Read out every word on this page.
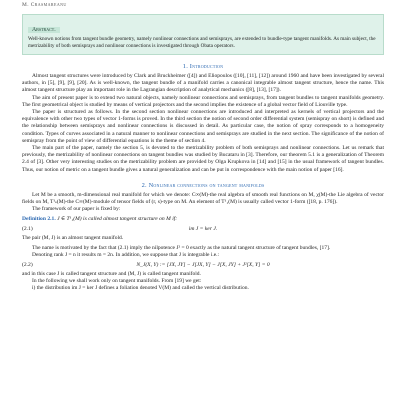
M. Crasmareanu
Abstract.
Well-known notions from tangent bundle geometry, namely nonlinear connections and semisprays, are extended to bundle-type tangent manifolds. As main subject, the metrizability of both semisprays and nonlinear connections is investigated through Obata operators.
1. Introduction

Almost tangent structures were introduced by Clark and Bruckheimer ([4]) and Eliopoulos ([10], [11], [12]) around 1960 and have been investigated by several authors, in [5], [9], [9], [20]. As is well-known, the tangent bundle of a manifold carries a canonical integrable almost tangent structure, hence the name. This almost tangent structure play an important role in the Lagrangian description of analytical mechanics ([8], [13], [17]).

The aim of present paper is to extend two natural objects, namely nonlinear connections and semisprays, from tangent bundles to tangent manifolds geometry. The first geometrical object is studied by means of vertical projectors and the second implies the existence of a global vector field of Liouville type.

The paper is structured as follows. In the second section nonlinear connections are introduced and interpreted as kernels of vertical projectors and the equivalence with other two types of vector 1-forms is proved. In the third section the notion of second order differential system (semispray on short) is defined and the relationship between semisprays and nonlinear connections is discussed in detail. As particular case, the notion of spray corresponds to a homogeneity condition. Types of curves associated in a natural manner to nonlinear connections and semisprays are studied in the next section. The significance of the notion of semispray from the point of view of differential equations is the theme of section 4.

The main part of the paper, namely the section 5, is devoted to the metrizability problem of both semisprays and nonlinear connections. Let us remark that previously, the metrizability of nonlinear connections on tangent bundles was studied by Bucataru in [3]. Therefore, our theorem 5.1 is a generalization of Theorem 2.4 of [3]. Other very interesting studies on the metrizability problem are provided by Olga Krupkova in [14] and [15] in the usual framework of tangent bundles. Thus, our notion of metric on a tangent bundle gives a natural generalization and can be put in correspondence with the main notion of paper [16].

2. Nonlinear connections on tangent manifolds

Let M be a smooth, m-dimensional real manifold for which we denote: C∞(M)-the real algebra of smooth real functions on M, χ(M)-the Lie algebra of vector fields on M, T¹ₛ(M)-the C∞(M)-module of tensor fields of (r, s)-type on M. An element of T¹₁(M) is usually called vector 1-form ([18, p. 176]).

The framework of our paper is fixed by:

Definition 2.1. J ∈ T¹₁(M) is called almost tangent structure on M if:
(2.1)	im J = ker J.

The pair (M, J) is an almost tangent manifold.

The name is motivated by the fact that (2.1) imply the nilpotence J² = 0 exactly as the natural tangent structure of tangent bundles, [17].

Denoting rank J = n it results m = 2n. In addition, we suppose that J is integrable i.e.:

(2.2)	N_J(X, Y) := [JX, JY] − J[JX, Y] − J[X, JY] + J²[X, Y] = 0

and in this case J is called tangent structure and (M, J) is called tangent manifold.

In the following we shall work only on tangent manifolds. From [19] we get:

i) the distribution im J = ker J defines a foliation denoted V(M) and called the vertical distribution.
